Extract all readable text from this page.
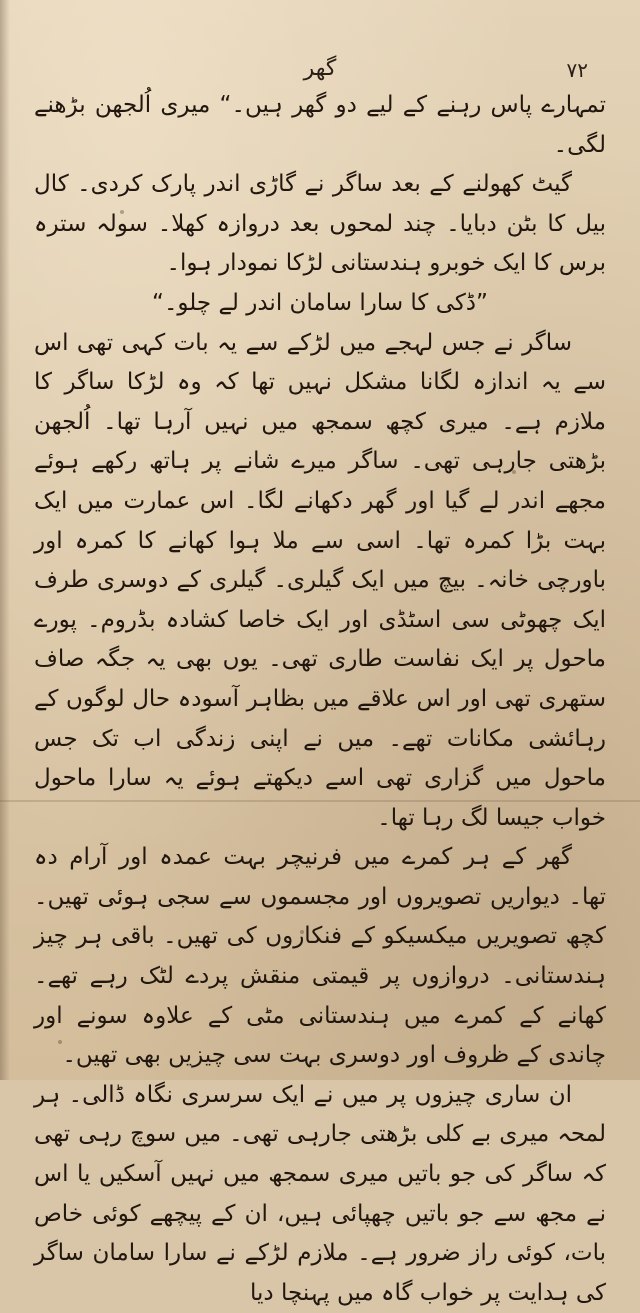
گھر	۷۲

تمہارے پاس رہنے کے لیے دو گھر ہیں۔“ میری اُلجھن بڑھنے لگی۔

گیٹ کھولنے کے بعد ساگر نے گاڑی اندر پارک کردی۔ کال بیل کا بٹن دبایا۔ چند لمحوں بعد دروازہ کھلا۔ سولہ سترہ برس کا ایک خوبرو ہندستانی لڑکا نمودار ہوا۔

”ڈکی کا سارا سامان اندر لے چلو۔“

ساگر نے جس لہجے میں لڑکے سے یہ بات کہی تھی اس سے یہ اندازہ لگانا مشکل نہیں تھا کہ وہ لڑکا ساگر کا ملازم ہے۔ میری کچھ سمجھ میں نہیں آرہا تھا۔ اُلجھن بڑھتی جارہی تھی۔ ساگر میرے شانے پر ہاتھ رکھے ہوئے مجھے اندر لے گیا اور گھر دکھانے لگا۔ اس عمارت میں ایک بہت بڑا کمرہ تھا۔ اسی سے ملا ہوا کھانے کا کمرہ اور باورچی خانہ۔ بیچ میں ایک گیلری۔ گیلری کے دوسری طرف ایک چھوٹی سی اسٹڈی اور ایک خاصا کشادہ بڈروم۔ پورے ماحول پر ایک نفاست طاری تھی۔ یوں بھی یہ جگہ صاف ستھری تھی اور اس علاقے میں بظاہر آسودہ حال لوگوں کے رہائشی مکانات تھے۔ میں نے اپنی زندگی اب تک جس ماحول میں گزاری تھی اسے دیکھتے ہوئے یہ سارا ماحول خواب جیسا لگ رہا تھا۔

گھر کے ہر کمرے میں فرنیچر بہت عمدہ اور آرام دہ تھا۔ دیواریں تصویروں اور مجسموں سے سجی ہوئی تھیں۔ کچھ تصویریں میکسیکو کے فنکاروں کی تھیں۔ باقی ہر چیز ہندستانی۔ دروازوں پر قیمتی منقش پردے لٹک رہے تھے۔ کھانے کے کمرے میں ہندستانی مٹی کے علاوہ سونے اور چاندی کے ظروف اور دوسری بہت سی چیزیں بھی تھیں۔

ان ساری چیزوں پر میں نے ایک سرسری نگاہ ڈالی۔ ہر لمحہ میری بے کلی بڑھتی جارہی تھی۔ میں سوچ رہی تھی کہ ساگر کی جو باتیں میری سمجھ میں نہیں آسکیں یا اس نے مجھ سے جو باتیں چھپائی ہیں، ان کے پیچھے کوئی خاص بات، کوئی راز ضرور ہے۔ ملازم لڑکے نے سارا سامان ساگر کی ہدایت پر خواب گاہ میں پہنچا دیا
